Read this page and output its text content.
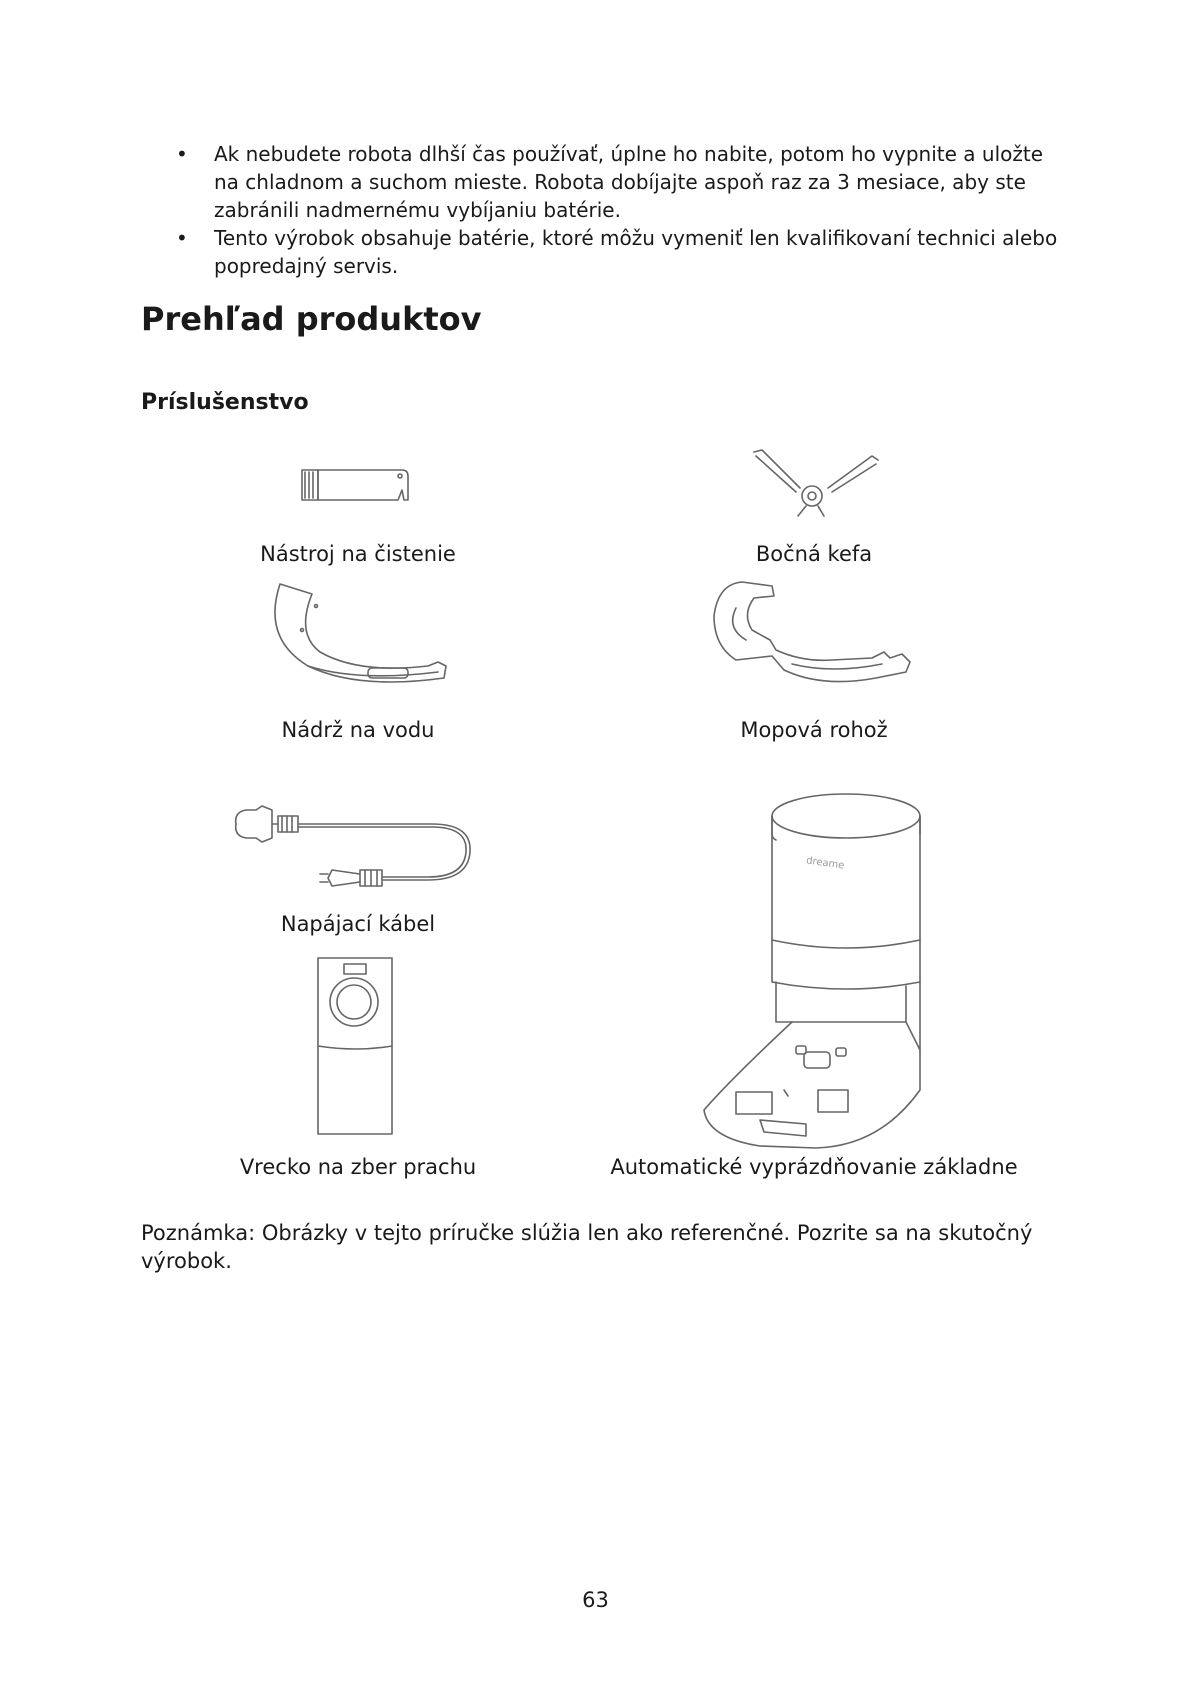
• Ak nebudete robota dlhší čas používať, úplne ho nabite, potom ho vypnite a uložte na chladnom a suchom mieste. Robota dobíjajte aspoň raz za 3 mesiace, aby ste zabránili nadmernému vybíjaniu batérie.
• Tento výrobok obsahuje batérie, ktoré môžu vymeniť len kvalifikovaní technici alebo popredajný servis.
Prehľad produktov
Príslušenstvo
dreame
Nástroj na čistenie	Bočná kefa
Nádrž na vodu	Mopová rohož
Napájací kábel
Vrecko na zber prachu	Automatické vyprázdňovanie základne

Poznámka: Obrázky v tejto príručke slúžia len ako referenčné. Pozrite sa na skutočný výrobok.

63
